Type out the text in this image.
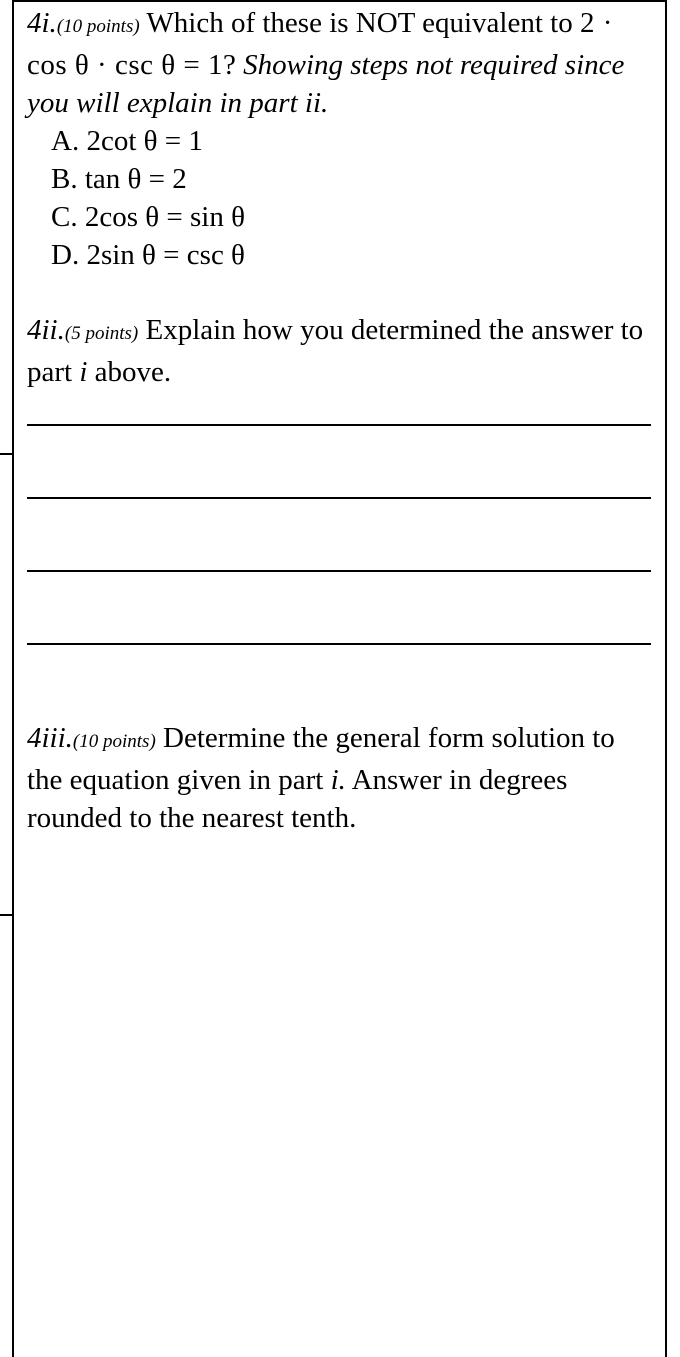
4i.(10 points) Which of these is NOT equivalent to 2 · cos θ · csc θ = 1? Showing steps not required since you will explain in part ii.
A. 2cot θ = 1
B. tan θ = 2
C. 2cos θ = sin θ
D. 2sin θ = csc θ
4ii.(5 points) Explain how you determined the answer to part i above.
4iii.(10 points) Determine the general form solution to the equation given in part i. Answer in degrees rounded to the nearest tenth.
